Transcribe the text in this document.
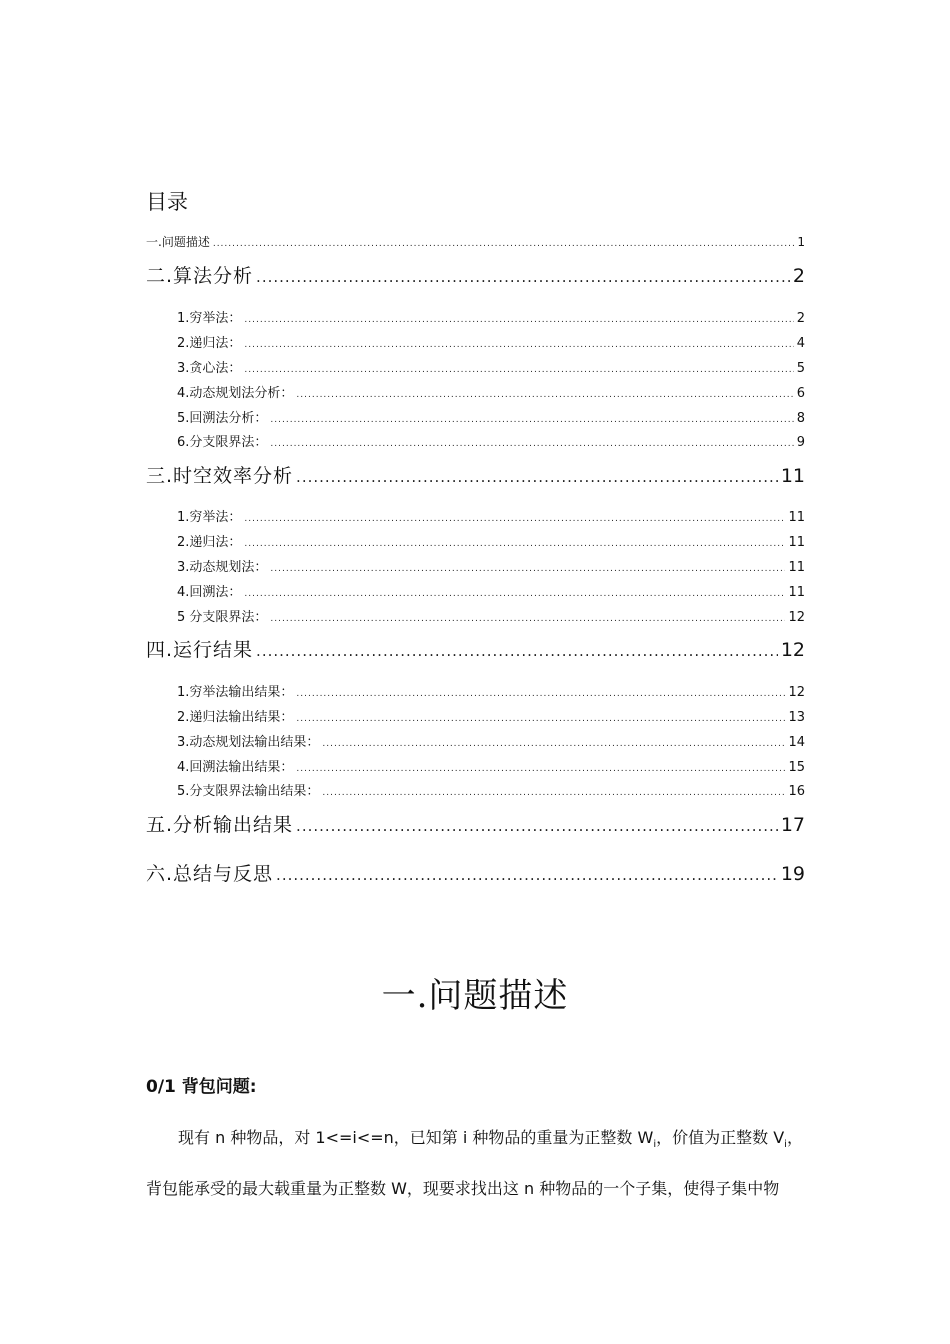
目录
一.问题描述 .....	1
二.算法分析 .....	2
1.穷举法： .....	2
2.递归法： .....	4
3.贪心法： .....	5
4.动态规划法分析： .....	6
5.回溯法分析： .....	8
6.分支限界法： .....	9
三.时空效率分析 .....	11
1.穷举法： .....	11
2.递归法： .....	11
3.动态规划法： .....	11
4.回溯法： .....	11
5 分支限界法： .....	12
四.运行结果 .....	12
1.穷举法输出结果： .....	12
2.递归法输出结果： .....	13
3.动态规划法输出结果： .....	14
4.回溯法输出结果： .....	15
5.分支限界法输出结果： .....	16
五.分析输出结果 .....	17
六.总结与反思 .....	19
一.问题描述
0/1 背包问题:
现有 n 种物品，对 1<=i<=n，已知第 i 种物品的重量为正整数 $W_i$，价值为正整数 $V_i$，
背包能承受的最大载重量为正整数 W，现要求找出这 n 种物品的一个子集，使得子集中物
